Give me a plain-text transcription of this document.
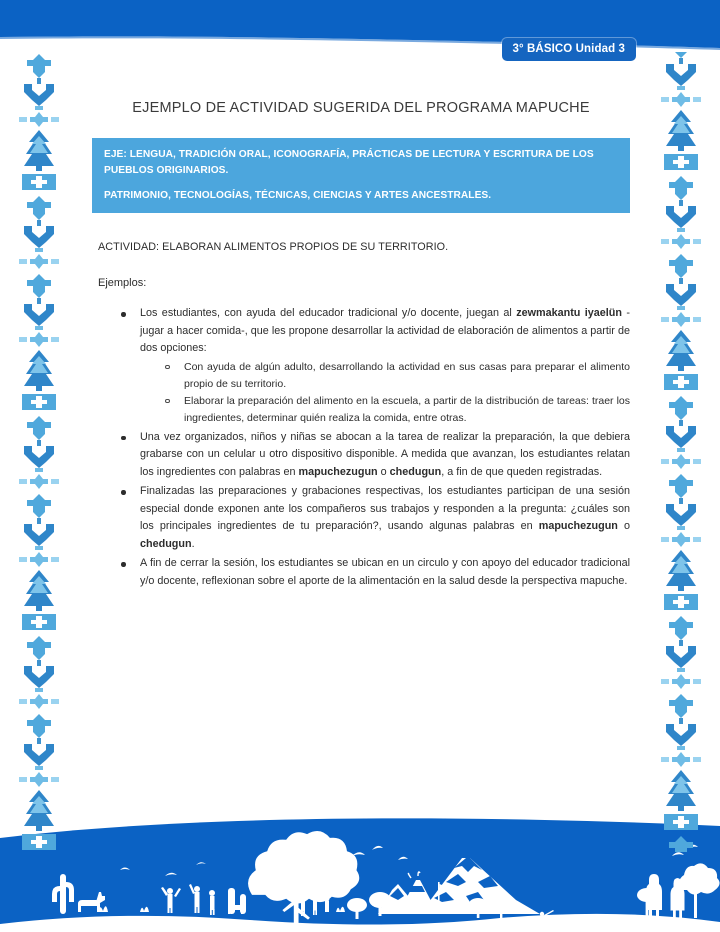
3° BÁSICO Unidad 3
EJEMPLO DE ACTIVIDAD SUGERIDA DEL PROGRAMA MAPUCHE

EJE: LENGUA, TRADICIÓN ORAL, ICONOGRAFÍA, PRÁCTICAS DE LECTURA Y ESCRITURA DE LOS PUEBLOS ORIGINARIOS.

PATRIMONIO, TECNOLOGÍAS, TÉCNICAS, CIENCIAS Y ARTES ANCESTRALES.

ACTIVIDAD: ELABORAN ALIMENTOS PROPIOS DE SU TERRITORIO.
Ejemplos:
Los estudiantes, con ayuda del educador tradicional y/o docente, juegan al zewmakantu iyaelün -jugar a hacer comida-, que les propone desarrollar la actividad de elaboración de alimentos a partir de dos opciones:
Con ayuda de algún adulto, desarrollando la actividad en sus casas para preparar el alimento propio de su territorio.
Elaborar la preparación del alimento en la escuela, a partir de la distribución de tareas: traer los ingredientes, determinar quién realiza la comida, entre otras.
Una vez organizados, niños y niñas se abocan a la tarea de realizar la preparación, la que debiera grabarse con un celular u otro dispositivo disponible. A medida que avanzan, los estudiantes relatan los ingredientes con palabras en mapuchezugun o chedugun, a fin de que queden registradas.
Finalizadas las preparaciones y grabaciones respectivas, los estudiantes participan de una sesión especial donde exponen ante los compañeros sus trabajos y responden a la pregunta: ¿cuáles son los principales ingredientes de tu preparación?, usando algunas palabras en mapuchezugun o chedugun.
A fin de cerrar la sesión, los estudiantes se ubican en un circulo y con apoyo del educador tradicional y/o docente, reflexionan sobre el aporte de la alimentación en la salud desde la perspectiva mapuche.
